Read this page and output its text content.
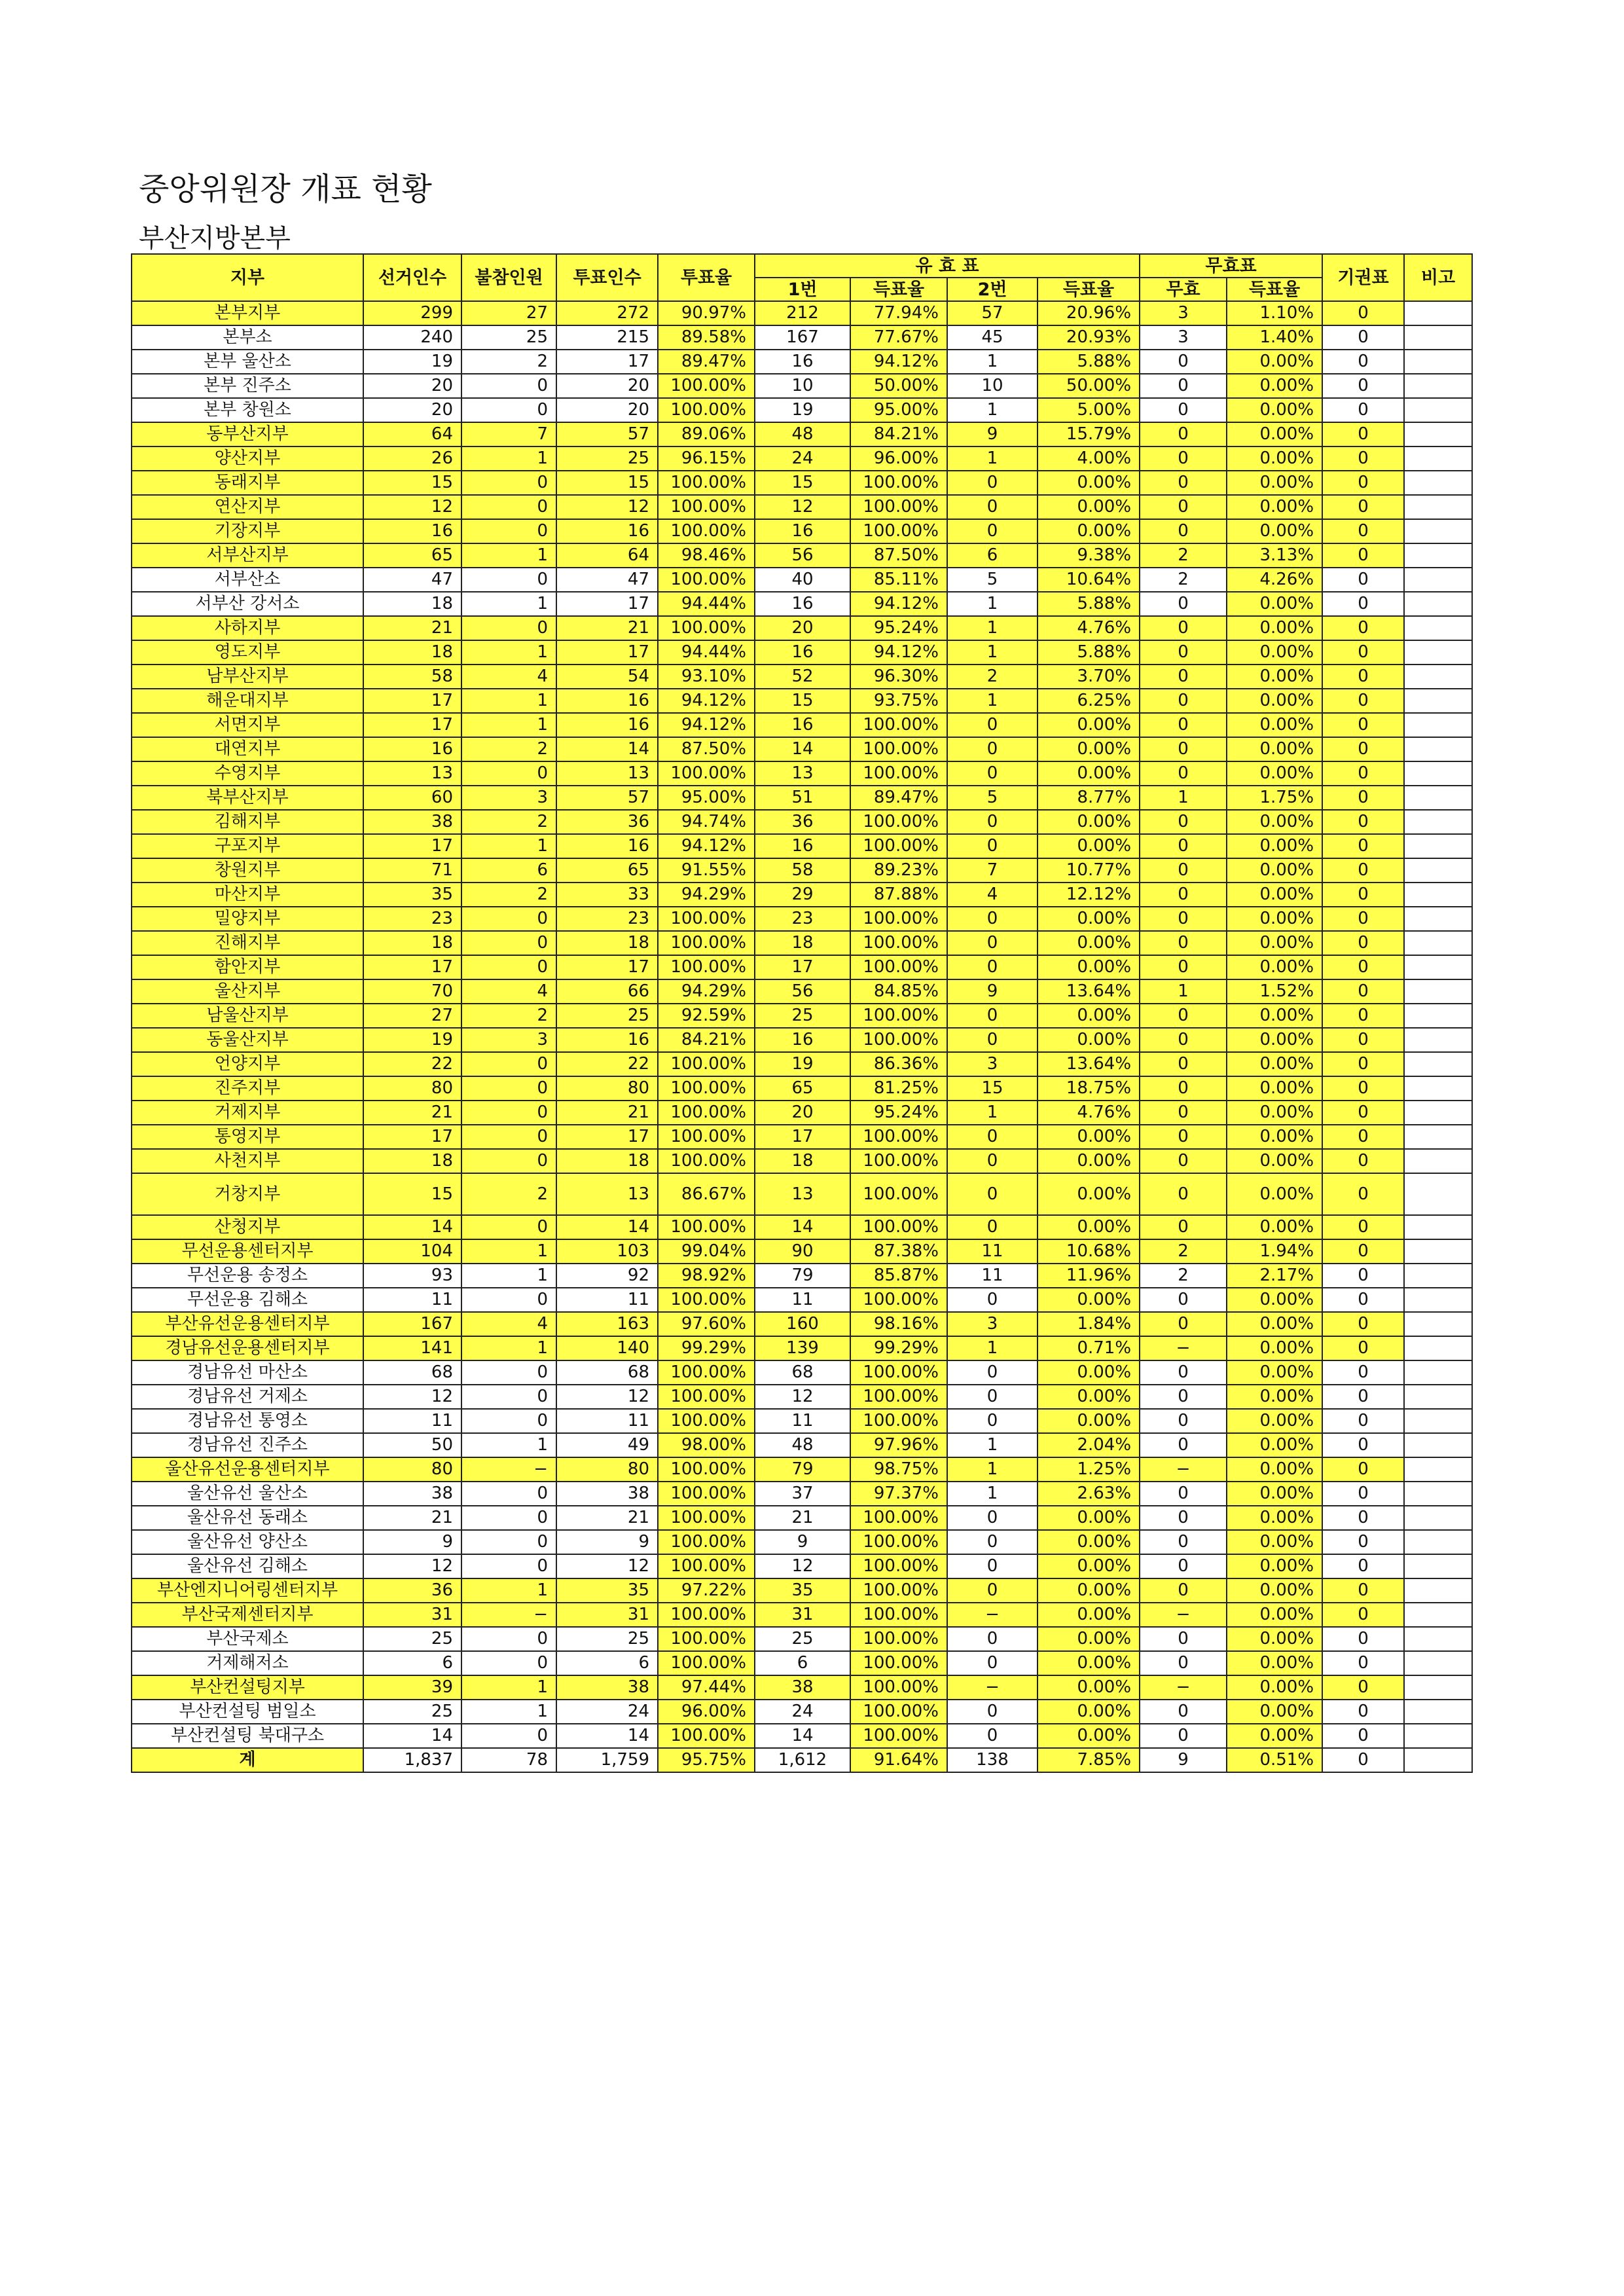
중앙위원장 개표 현황
부산지방본부
지부	선거인수	불참인원	투표인수	투표율	유 효 표				무효표		기권표	비고
					1번	득표율	2번	득표율	무효	득표율		
본부지부	299	27	272	90.97%	212	77.94%	57	20.96%	3	1.10%	0	
본부소	240	25	215	89.58%	167	77.67%	45	20.93%	3	1.40%	0	
본부 울산소	19	2	17	89.47%	16	94.12%	1	5.88%	0	0.00%	0	
본부 진주소	20	0	20	100.00%	10	50.00%	10	50.00%	0	0.00%	0	
본부 창원소	20	0	20	100.00%	19	95.00%	1	5.00%	0	0.00%	0	
동부산지부	64	7	57	89.06%	48	84.21%	9	15.79%	0	0.00%	0	
양산지부	26	1	25	96.15%	24	96.00%	1	4.00%	0	0.00%	0	
동래지부	15	0	15	100.00%	15	100.00%	0	0.00%	0	0.00%	0	
연산지부	12	0	12	100.00%	12	100.00%	0	0.00%	0	0.00%	0	
기장지부	16	0	16	100.00%	16	100.00%	0	0.00%	0	0.00%	0	
서부산지부	65	1	64	98.46%	56	87.50%	6	9.38%	2	3.13%	0	
서부산소	47	0	47	100.00%	40	85.11%	5	10.64%	2	4.26%	0	
서부산 강서소	18	1	17	94.44%	16	94.12%	1	5.88%	0	0.00%	0	
사하지부	21	0	21	100.00%	20	95.24%	1	4.76%	0	0.00%	0	
영도지부	18	1	17	94.44%	16	94.12%	1	5.88%	0	0.00%	0	
남부산지부	58	4	54	93.10%	52	96.30%	2	3.70%	0	0.00%	0	
해운대지부	17	1	16	94.12%	15	93.75%	1	6.25%	0	0.00%	0	
서면지부	17	1	16	94.12%	16	100.00%	0	0.00%	0	0.00%	0	
대연지부	16	2	14	87.50%	14	100.00%	0	0.00%	0	0.00%	0	
수영지부	13	0	13	100.00%	13	100.00%	0	0.00%	0	0.00%	0	
북부산지부	60	3	57	95.00%	51	89.47%	5	8.77%	1	1.75%	0	
김해지부	38	2	36	94.74%	36	100.00%	0	0.00%	0	0.00%	0	
구포지부	17	1	16	94.12%	16	100.00%	0	0.00%	0	0.00%	0	
창원지부	71	6	65	91.55%	58	89.23%	7	10.77%	0	0.00%	0	
마산지부	35	2	33	94.29%	29	87.88%	4	12.12%	0	0.00%	0	
밀양지부	23	0	23	100.00%	23	100.00%	0	0.00%	0	0.00%	0	
진해지부	18	0	18	100.00%	18	100.00%	0	0.00%	0	0.00%	0	
함안지부	17	0	17	100.00%	17	100.00%	0	0.00%	0	0.00%	0	
울산지부	70	4	66	94.29%	56	84.85%	9	13.64%	1	1.52%	0	
남울산지부	27	2	25	92.59%	25	100.00%	0	0.00%	0	0.00%	0	
동울산지부	19	3	16	84.21%	16	100.00%	0	0.00%	0	0.00%	0	
언양지부	22	0	22	100.00%	19	86.36%	3	13.64%	0	0.00%	0	
진주지부	80	0	80	100.00%	65	81.25%	15	18.75%	0	0.00%	0	
거제지부	21	0	21	100.00%	20	95.24%	1	4.76%	0	0.00%	0	
통영지부	17	0	17	100.00%	17	100.00%	0	0.00%	0	0.00%	0	
사천지부	18	0	18	100.00%	18	100.00%	0	0.00%	0	0.00%	0	
거창지부	15	2	13	86.67%	13	100.00%	0	0.00%	0	0.00%	0	
산청지부	14	0	14	100.00%	14	100.00%	0	0.00%	0	0.00%	0	
무선운용센터지부	104	1	103	99.04%	90	87.38%	11	10.68%	2	1.94%	0	
무선운용 송정소	93	1	92	98.92%	79	85.87%	11	11.96%	2	2.17%	0	
무선운용 김해소	11	0	11	100.00%	11	100.00%	0	0.00%	0	0.00%	0	
부산유선운용센터지부	167	4	163	97.60%	160	98.16%	3	1.84%	0	0.00%	0	
경남유선운용센터지부	141	1	140	99.29%	139	99.29%	1	0.71%	−	0.00%	0	
경남유선 마산소	68	0	68	100.00%	68	100.00%	0	0.00%	0	0.00%	0	
경남유선 거제소	12	0	12	100.00%	12	100.00%	0	0.00%	0	0.00%	0	
경남유선 통영소	11	0	11	100.00%	11	100.00%	0	0.00%	0	0.00%	0	
경남유선 진주소	50	1	49	98.00%	48	97.96%	1	2.04%	0	0.00%	0	
울산유선운용센터지부	80	−	80	100.00%	79	98.75%	1	1.25%	−	0.00%	0	
울산유선 울산소	38	0	38	100.00%	37	97.37%	1	2.63%	0	0.00%	0	
울산유선 동래소	21	0	21	100.00%	21	100.00%	0	0.00%	0	0.00%	0	
울산유선 양산소	9	0	9	100.00%	9	100.00%	0	0.00%	0	0.00%	0	
울산유선 김해소	12	0	12	100.00%	12	100.00%	0	0.00%	0	0.00%	0	
부산엔지니어링센터지부	36	1	35	97.22%	35	100.00%	0	0.00%	0	0.00%	0	
부산국제센터지부	31	−	31	100.00%	31	100.00%	−	0.00%	−	0.00%	0	
부산국제소	25	0	25	100.00%	25	100.00%	0	0.00%	0	0.00%	0	
거제해저소	6	0	6	100.00%	6	100.00%	0	0.00%	0	0.00%	0	
부산컨설팅지부	39	1	38	97.44%	38	100.00%	−	0.00%	−	0.00%	0	
부산컨설팅 범일소	25	1	24	96.00%	24	100.00%	0	0.00%	0	0.00%	0	
부산컨설팅 북대구소	14	0	14	100.00%	14	100.00%	0	0.00%	0	0.00%	0	
계	1,837	78	1,759	95.75%	1,612	91.64%	138	7.85%	9	0.51%	0	
